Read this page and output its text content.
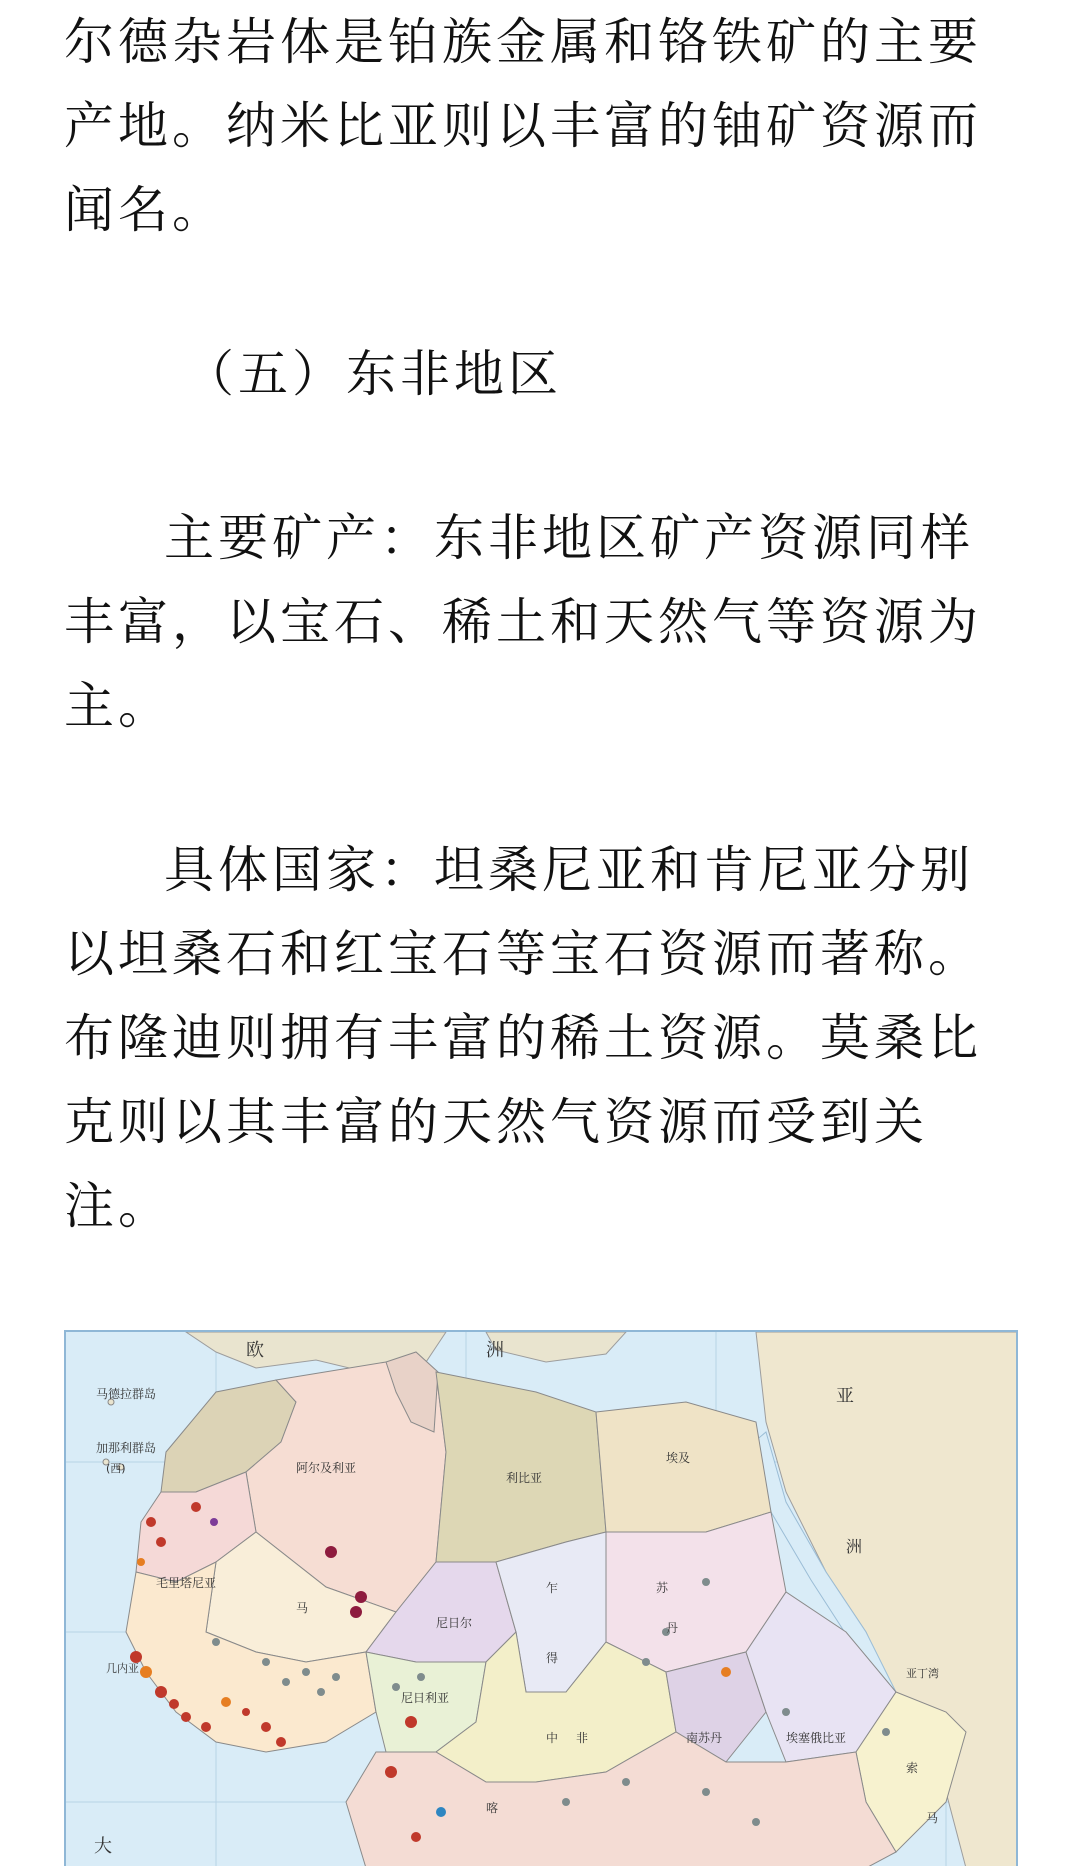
尔德杂岩体是铂族金属和铬铁矿的主要
产地。纳米比亚则以丰富的铀矿资源而
闻名。

（五）东非地区

主要矿产：东非地区矿产资源同样
丰富，以宝石、稀土和天然气等资源为
主。

具体国家：坦桑尼亚和肯尼亚分别
以坦桑石和红宝石等宝石资源而著称。
布隆迪则拥有丰富的稀土资源。莫桑比
克则以其丰富的天然气资源而受到关
注。

欧	洲
亚
洲
马德拉群岛
加那利群岛
(西)	阿尔及利亚
利比亚
埃及
毛里塔尼亚
马
尼日尔
乍
得
苏
丹
尼日利亚
南苏丹	埃塞俄比亚
中 非
索
马
几内亚
大
亚丁湾
喀
